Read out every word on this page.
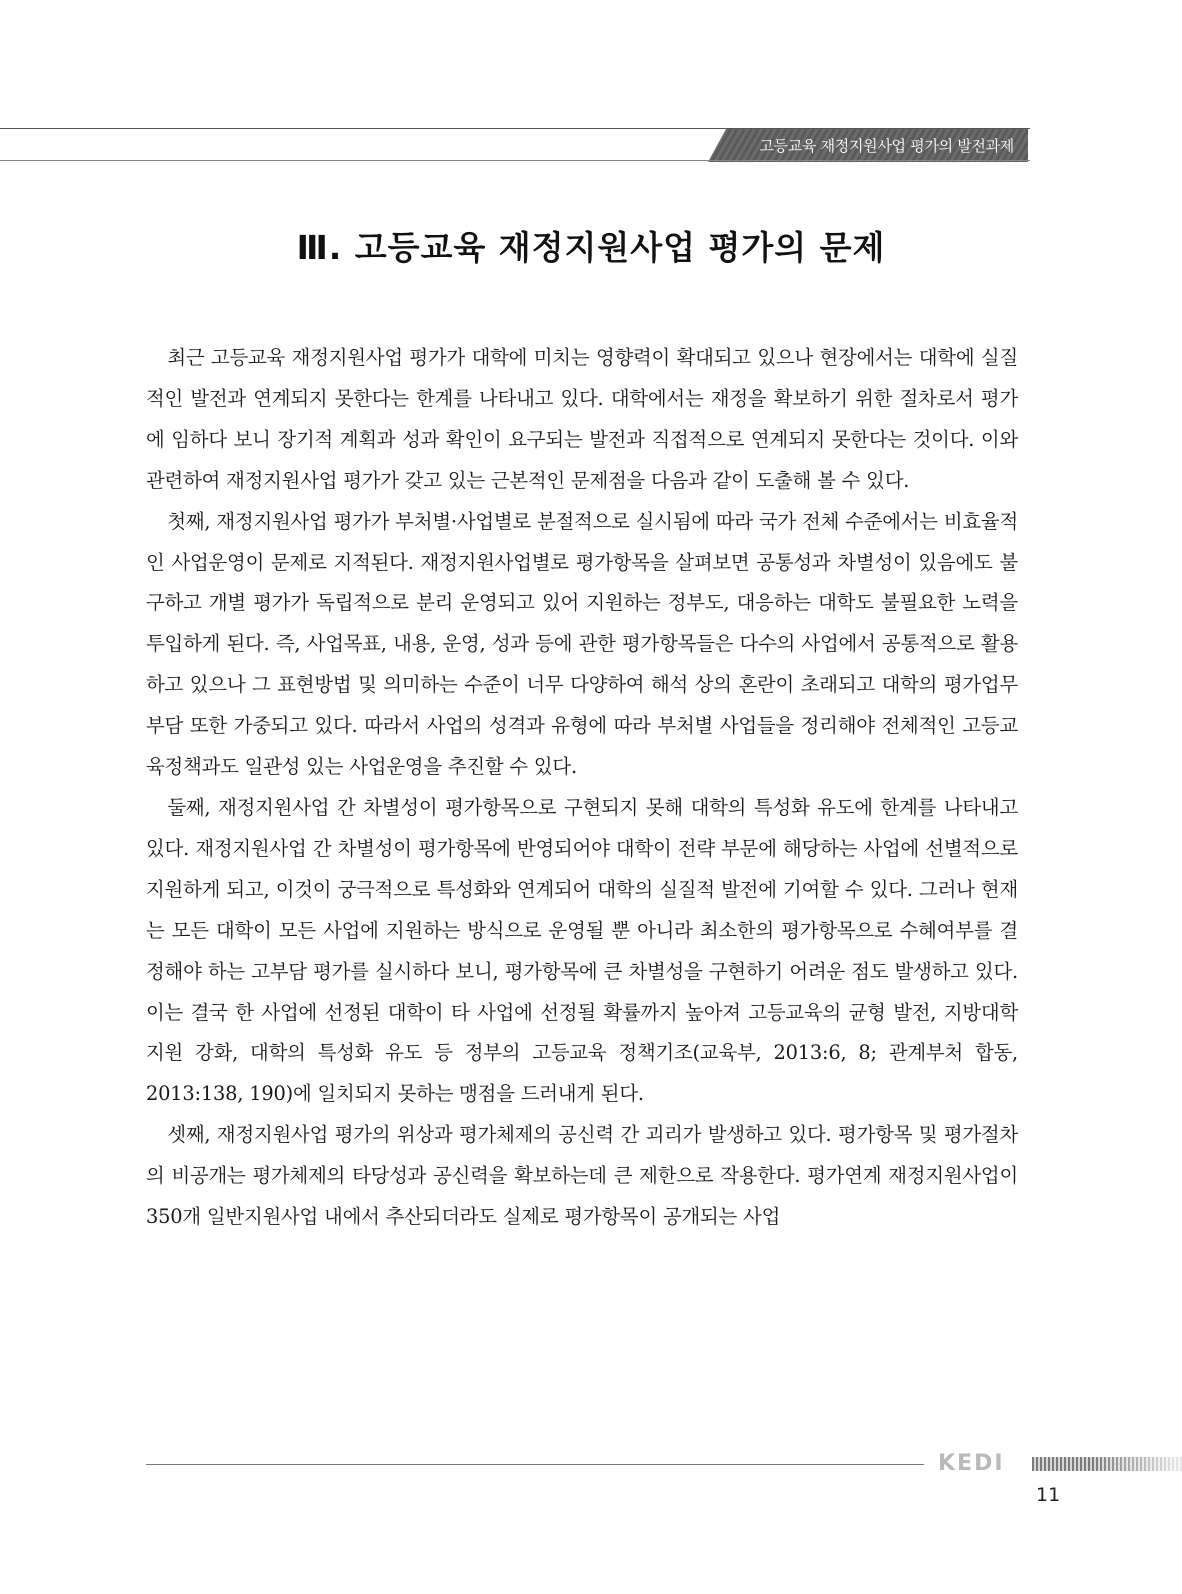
고등교육 재정지원사업 평가의 발전과제
Ⅲ. 고등교육 재정지원사업 평가의 문제

최근 고등교육 재정지원사업 평가가 대학에 미치는 영향력이 확대되고 있으나 현장에서는 대학에 실질적인 발전과 연계되지 못한다는 한계를 나타내고 있다. 대학에서는 재정을 확보하기 위한 절차로서 평가에 임하다 보니 장기적 계획과 성과 확인이 요구되는 발전과 직접적으로 연계되지 못한다는 것이다. 이와 관련하여 재정지원사업 평가가 갖고 있는 근본적인 문제점을 다음과 같이 도출해 볼 수 있다.

첫째, 재정지원사업 평가가 부처별·사업별로 분절적으로 실시됨에 따라 국가 전체 수준에서는 비효율적인 사업운영이 문제로 지적된다. 재정지원사업별로 평가항목을 살펴보면 공통성과 차별성이 있음에도 불구하고 개별 평가가 독립적으로 분리 운영되고 있어 지원하는 정부도, 대응하는 대학도 불필요한 노력을 투입하게 된다. 즉, 사업목표, 내용, 운영, 성과 등에 관한 평가항목들은 다수의 사업에서 공통적으로 활용하고 있으나 그 표현방법 및 의미하는 수준이 너무 다양하여 해석 상의 혼란이 초래되고 대학의 평가업무 부담 또한 가중되고 있다. 따라서 사업의 성격과 유형에 따라 부처별 사업들을 정리해야 전체적인 고등교육정책과도 일관성 있는 사업운영을 추진할 수 있다.

둘째, 재정지원사업 간 차별성이 평가항목으로 구현되지 못해 대학의 특성화 유도에 한계를 나타내고 있다. 재정지원사업 간 차별성이 평가항목에 반영되어야 대학이 전략 부문에 해당하는 사업에 선별적으로 지원하게 되고, 이것이 궁극적으로 특성화와 연계되어 대학의 실질적 발전에 기여할 수 있다. 그러나 현재는 모든 대학이 모든 사업에 지원하는 방식으로 운영될 뿐 아니라 최소한의 평가항목으로 수혜여부를 결정해야 하는 고부담 평가를 실시하다 보니, 평가항목에 큰 차별성을 구현하기 어려운 점도 발생하고 있다. 이는 결국 한 사업에 선정된 대학이 타 사업에 선정될 확률까지 높아져 고등교육의 균형 발전, 지방대학 지원 강화, 대학의 특성화 유도 등 정부의 고등교육 정책기조(교육부, 2013:6, 8; 관계부처 합동, 2013:138, 190)에 일치되지 못하는 맹점을 드러내게 된다.

셋째, 재정지원사업 평가의 위상과 평가체제의 공신력 간 괴리가 발생하고 있다. 평가항목 및 평가절차의 비공개는 평가체제의 타당성과 공신력을 확보하는데 큰 제한으로 작용한다. 평가연계 재정지원사업이 350개 일반지원사업 내에서 추산되더라도 실제로 평가항목이 공개되는 사업

KEDI
11
